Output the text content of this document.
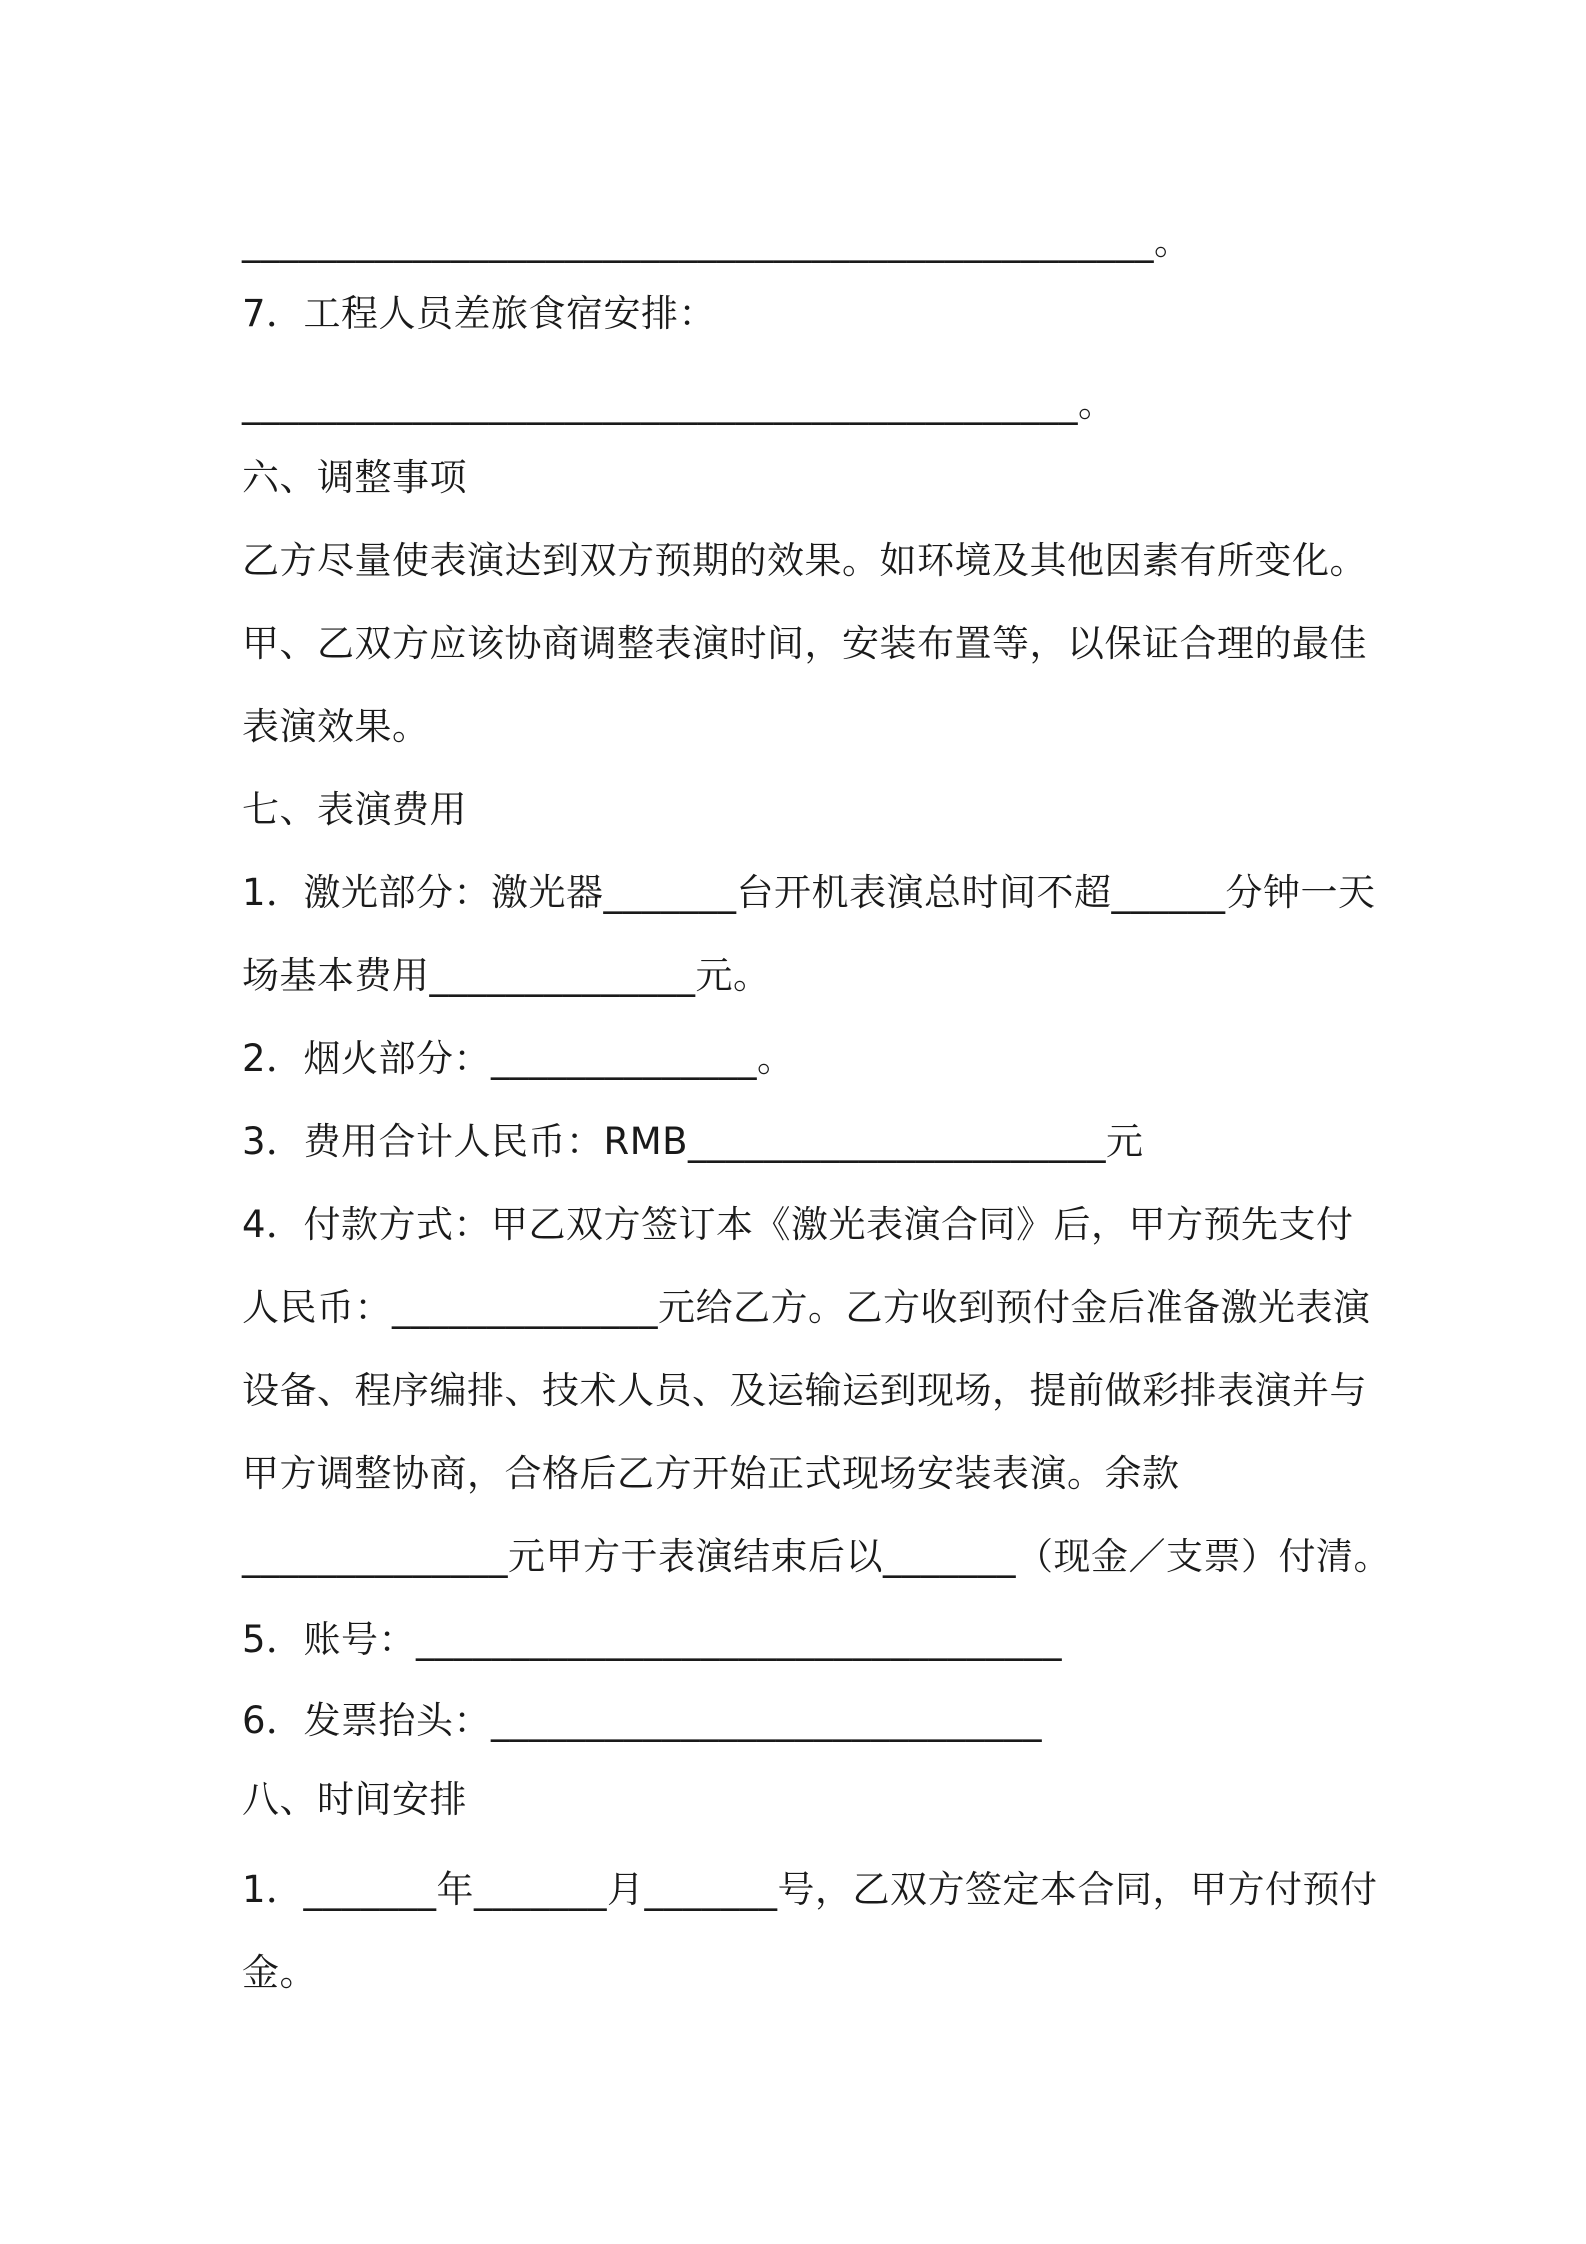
________________________________________________。
7．工程人员差旅食宿安排：
____________________________________________。
六、调整事项
乙方尽量使表演达到双方预期的效果。如环境及其他因素有所变化。
甲、乙双方应该协商调整表演时间，安装布置等，以保证合理的最佳
表演效果。
七、表演费用
1．激光部分：激光器_______台开机表演总时间不超______分钟一天
场基本费用______________元。
2．烟火部分：______________。
3．费用合计人民币：RMB______________________元
4．付款方式：甲乙双方签订本《激光表演合同》后，甲方预先支付
人民币：______________元给乙方。乙方收到预付金后准备激光表演
设备、程序编排、技术人员、及运输运到现场，提前做彩排表演并与
甲方调整协商，合格后乙方开始正式现场安装表演。余款
______________元甲方于表演结束后以_______（现金／支票）付清。
5．账号：__________________________________
6．发票抬头：_____________________________
八、时间安排
1．_______年_______月_______号，乙双方签定本合同，甲方付预付
金。
